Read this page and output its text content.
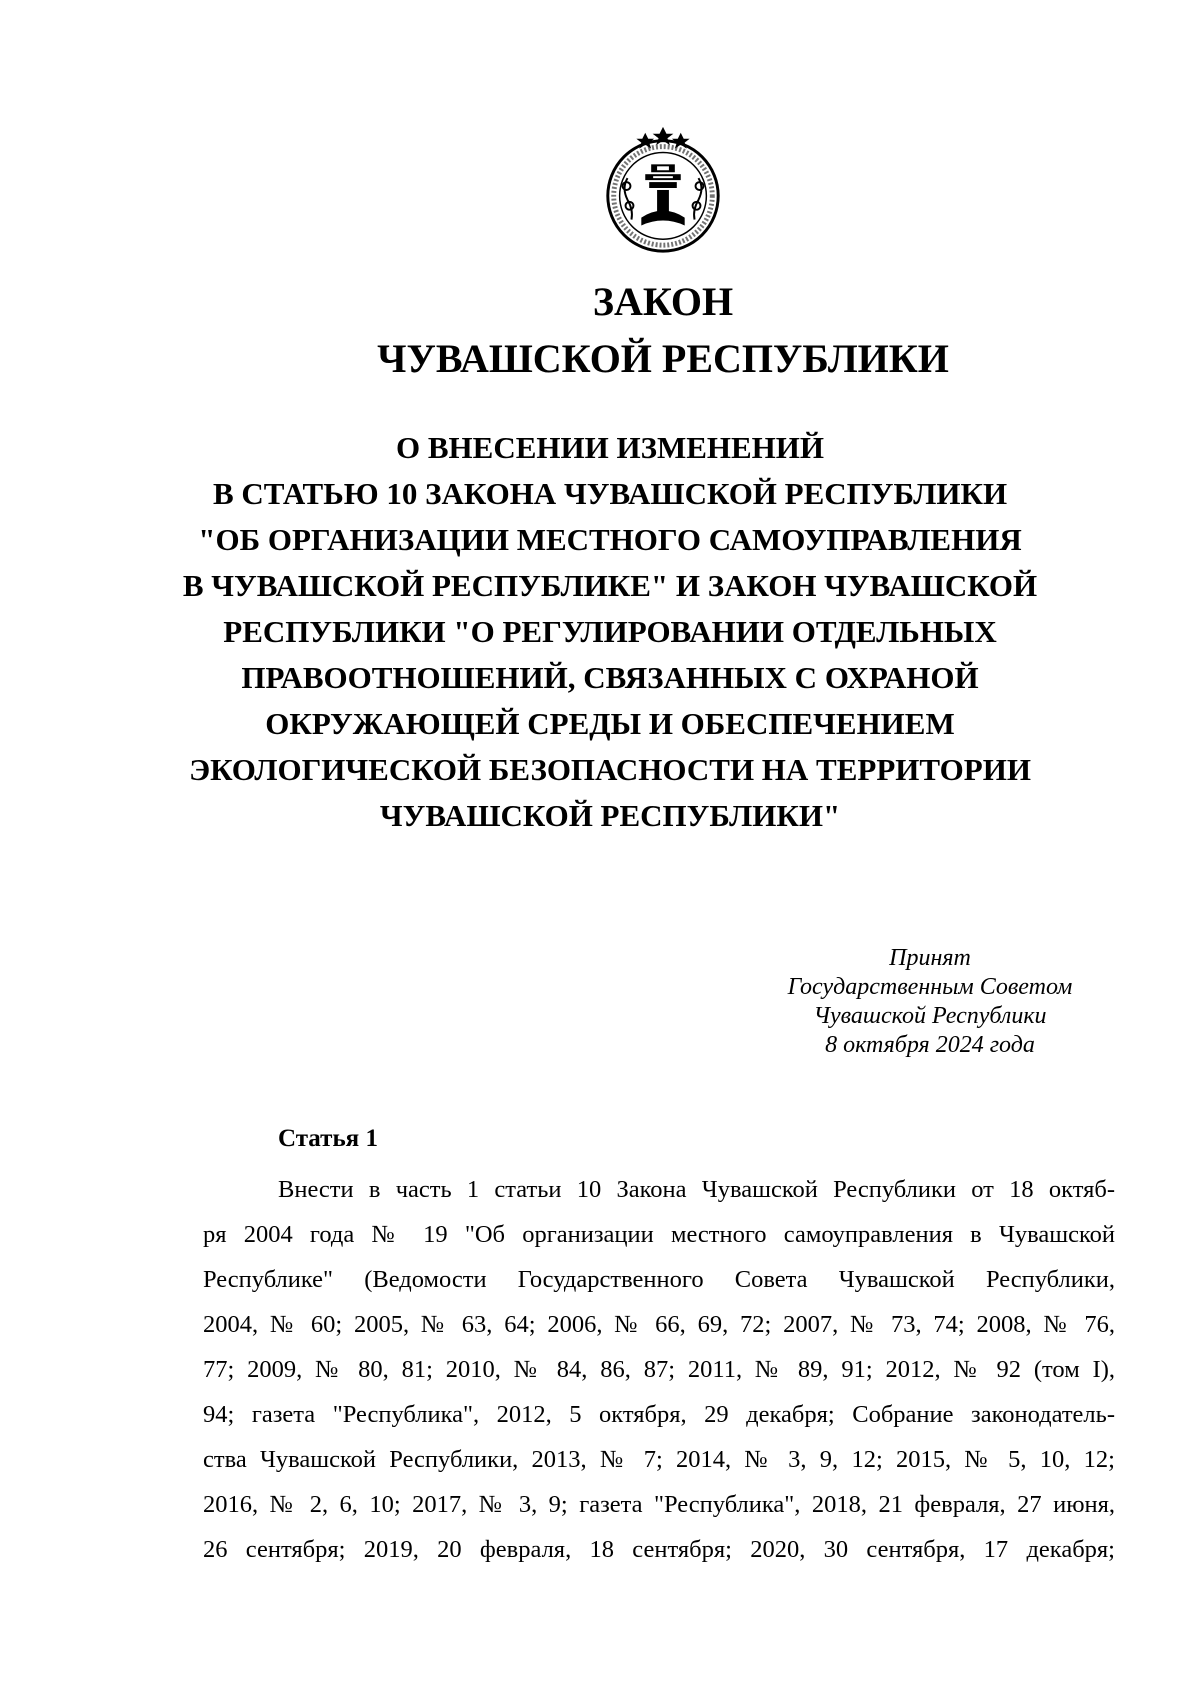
ЗАКОН
ЧУВАШСКОЙ РЕСПУБЛИКИ
О ВНЕСЕНИИ ИЗМЕНЕНИЙ
В СТАТЬЮ 10 ЗАКОНА ЧУВАШСКОЙ РЕСПУБЛИКИ
"ОБ ОРГАНИЗАЦИИ МЕСТНОГО САМОУПРАВЛЕНИЯ
В ЧУВАШСКОЙ РЕСПУБЛИКЕ" И ЗАКОН ЧУВАШСКОЙ
РЕСПУБЛИКИ "О РЕГУЛИРОВАНИИ ОТДЕЛЬНЫХ
ПРАВООТНОШЕНИЙ, СВЯЗАННЫХ С ОХРАНОЙ
ОКРУЖАЮЩЕЙ СРЕДЫ И ОБЕСПЕЧЕНИЕМ
ЭКОЛОГИЧЕСКОЙ БЕЗОПАСНОСТИ НА ТЕРРИТОРИИ
ЧУВАШСКОЙ РЕСПУБЛИКИ"
Принят
Государственным Советом
Чувашской Республики
8 октября 2024 года
Статья 1
Внести в часть 1 статьи 10 Закона Чувашской Республики от 18 октяб-
ря 2004 года № 19 "Об организации местного самоуправления в Чувашской
Республике" (Ведомости Государственного Совета Чувашской Республики,
2004, № 60; 2005, № 63, 64; 2006, № 66, 69, 72; 2007, № 73, 74; 2008, № 76,
77; 2009, № 80, 81; 2010, № 84, 86, 87; 2011, № 89, 91; 2012, № 92 (том I),
94; газета "Республика", 2012, 5 октября, 29 декабря; Собрание законодатель-
ства Чувашской Республики, 2013, № 7; 2014, № 3, 9, 12; 2015, № 5, 10, 12;
2016, № 2, 6, 10; 2017, № 3, 9; газета "Республика", 2018, 21 февраля, 27 июня,
26 сентября; 2019, 20 февраля, 18 сентября; 2020, 30 сентября, 17 декабря;
